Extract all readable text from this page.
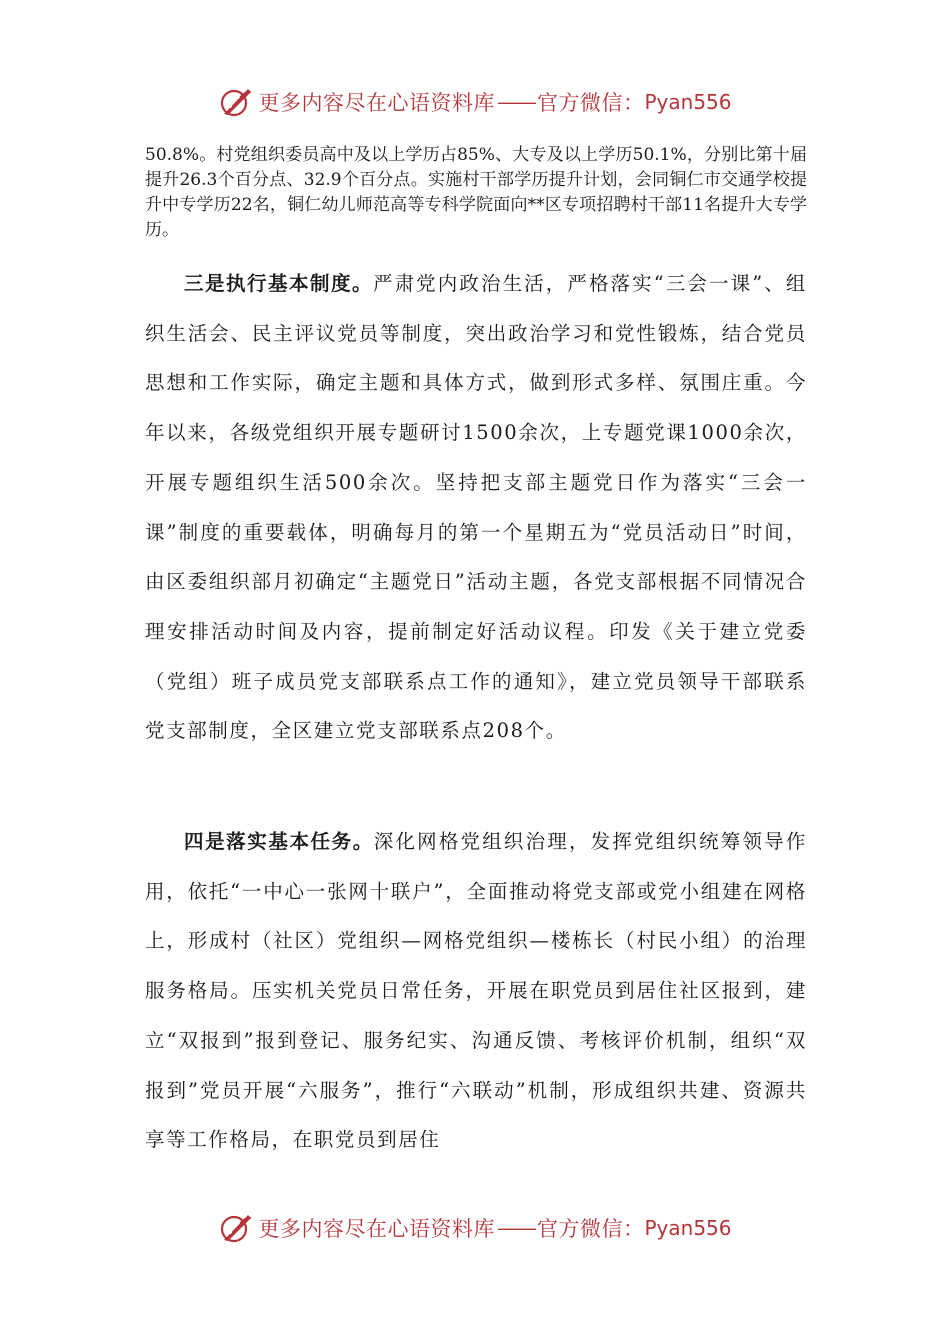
更多内容尽在心语资料库 —— 官方微信： Pyan556

50.8%。村党组织委员高中及以上学历占85%、大专及以上学历50.1%，分别比第十届提升26.3个百分点、32.9个百分点。实施村干部学历提升计划，会同铜仁市交通学校提升中专学历22名，铜仁幼儿师范高等专科学院面向**区专项招聘村干部11名提升大专学历。

三是执行基本制度。严肃党内政治生活，严格落实“三会一课”、组织生活会、民主评议党员等制度，突出政治学习和党性锻炼，结合党员思想和工作实际，确定主题和具体方式，做到形式多样、氛围庄重。今年以来，各级党组织开展专题研讨1500余次，上专题党课1000余次，开展专题组织生活500余次。坚持把支部主题党日作为落实“三会一课”制度的重要载体，明确每月的第一个星期五为“党员活动日”时间，由区委组织部月初确定“主题党日”活动主题，各党支部根据不同情况合理安排活动时间及内容，提前制定好活动议程。印发《关于建立党委（党组）班子成员党支部联系点工作的通知》，建立党员领导干部联系党支部制度，全区建立党支部联系点208个。

四是落实基本任务。深化网格党组织治理，发挥党组织统筹领导作用，依托“一中心一张网十联户”，全面推动将党支部或党小组建在网格上，形成村（社区）党组织—网格党组织—楼栋长（村民小组）的治理服务格局。压实机关党员日常任务，开展在职党员到居住社区报到，建立“双报到”报到登记、服务纪实、沟通反馈、考核评价机制，组织“双报到”党员开展“六服务”，推行“六联动”机制，形成组织共建、资源共享等工作格局，在职党员到居住

更多内容尽在心语资料库 —— 官方微信： Pyan556
